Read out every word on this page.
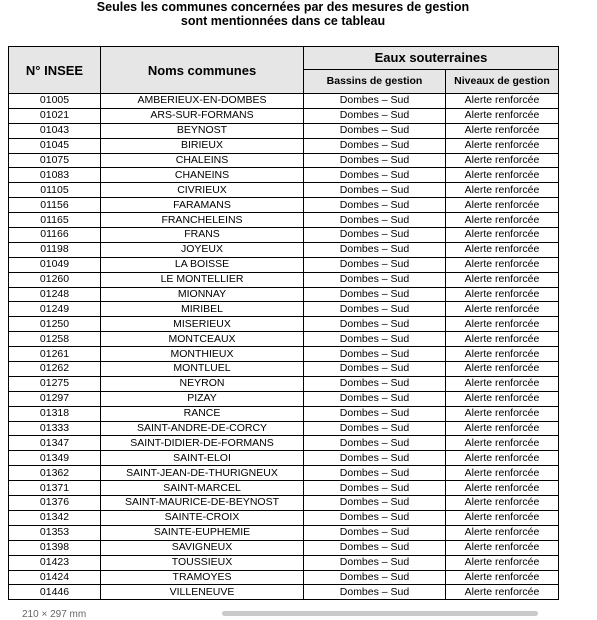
Seules les communes concernées par des mesures de gestion
sont mentionnées dans ce tableau
N° INSEE	Noms communes	Eaux souterraines	
		Bassins de gestion	Niveaux de gestion
01005	AMBERIEUX-EN-DOMBES	Dombes – Sud	Alerte renforcée
01021	ARS-SUR-FORMANS	Dombes – Sud	Alerte renforcée
01043	BEYNOST	Dombes – Sud	Alerte renforcée
01045	BIRIEUX	Dombes – Sud	Alerte renforcée
01075	CHALEINS	Dombes – Sud	Alerte renforcée
01083	CHANEINS	Dombes – Sud	Alerte renforcée
01105	CIVRIEUX	Dombes – Sud	Alerte renforcée
01156	FARAMANS	Dombes – Sud	Alerte renforcée
01165	FRANCHELEINS	Dombes – Sud	Alerte renforcée
01166	FRANS	Dombes – Sud	Alerte renforcée
01198	JOYEUX	Dombes – Sud	Alerte renforcée
01049	LA BOISSE	Dombes – Sud	Alerte renforcée
01260	LE MONTELLIER	Dombes – Sud	Alerte renforcée
01248	MIONNAY	Dombes – Sud	Alerte renforcée
01249	MIRIBEL	Dombes – Sud	Alerte renforcée
01250	MISERIEUX	Dombes – Sud	Alerte renforcée
01258	MONTCEAUX	Dombes – Sud	Alerte renforcée
01261	MONTHIEUX	Dombes – Sud	Alerte renforcée
01262	MONTLUEL	Dombes – Sud	Alerte renforcée
01275	NEYRON	Dombes – Sud	Alerte renforcée
01297	PIZAY	Dombes – Sud	Alerte renforcée
01318	RANCE	Dombes – Sud	Alerte renforcée
01333	SAINT-ANDRE-DE-CORCY	Dombes – Sud	Alerte renforcée
01347	SAINT-DIDIER-DE-FORMANS	Dombes – Sud	Alerte renforcée
01349	SAINT-ELOI	Dombes – Sud	Alerte renforcée
01362	SAINT-JEAN-DE-THURIGNEUX	Dombes – Sud	Alerte renforcée
01371	SAINT-MARCEL	Dombes – Sud	Alerte renforcée
01376	SAINT-MAURICE-DE-BEYNOST	Dombes – Sud	Alerte renforcée
01342	SAINTE-CROIX	Dombes – Sud	Alerte renforcée
01353	SAINTE-EUPHEMIE	Dombes – Sud	Alerte renforcée
01398	SAVIGNEUX	Dombes – Sud	Alerte renforcée
01423	TOUSSIEUX	Dombes – Sud	Alerte renforcée
01424	TRAMOYES	Dombes – Sud	Alerte renforcée
01446	VILLENEUVE	Dombes – Sud	Alerte renforcée
210 × 297 mm
